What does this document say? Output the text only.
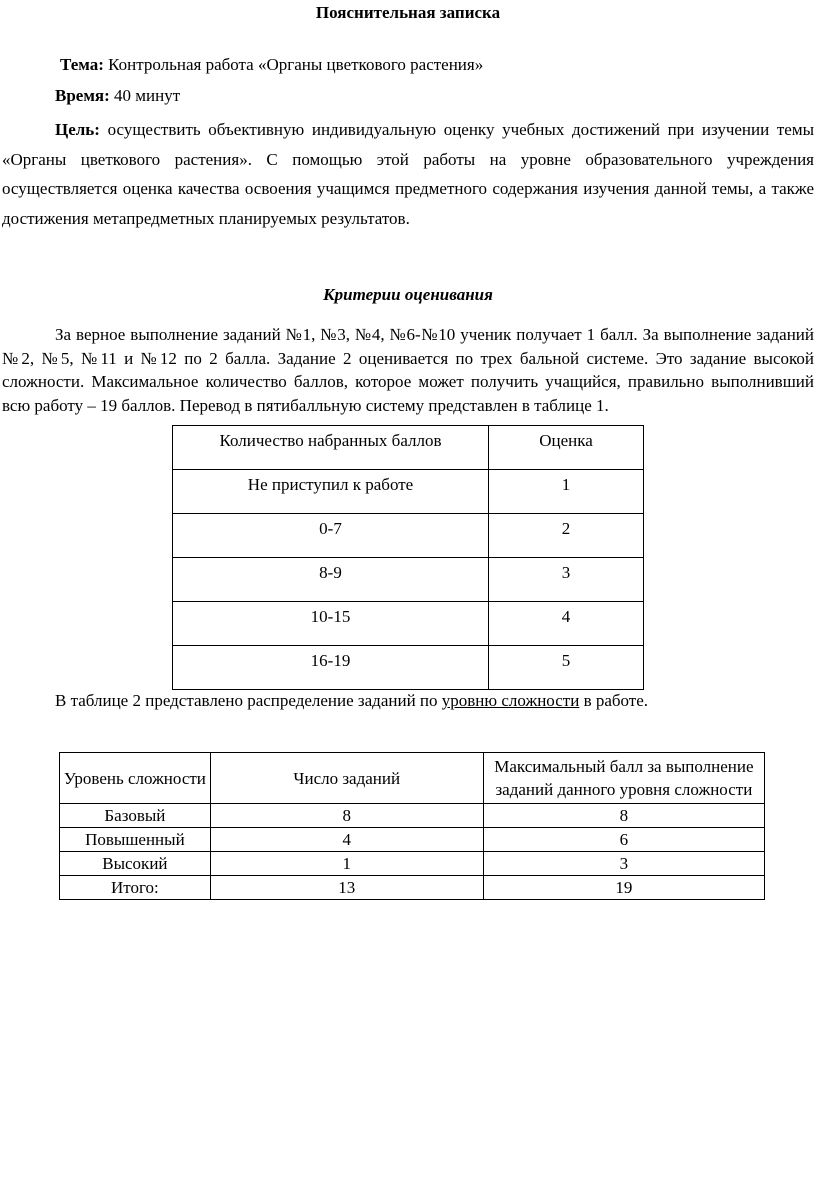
Пояснительная записка
Тема: Контрольная работа «Органы цветкового растения»
Время: 40 минут
Цель: осуществить объективную индивидуальную оценку учебных достижений при изучении темы «Органы цветкового растения». С помощью этой работы на уровне образовательного учреждения осуществляется оценка качества освоения учащимся предметного содержания изучения данной темы, а также достижения метапредметных планируемых результатов.
Критерии оценивания
За верное выполнение заданий №1, №3, №4, №6-№10 ученик получает 1 балл. За выполнение заданий №2, №5, №11 и №12 по 2 балла. Задание 2 оценивается по трех бальной системе. Это задание высокой сложности. Максимальное количество баллов, которое может получить учащийся, правильно выполнивший всю работу – 19 баллов. Перевод в пятибалльную систему представлен в таблице 1.
Количество набранных баллов	Оценка
Не приступил к работе	1
0-7	2
8-9	3
10-15	4
16-19	5
В таблице 2 представлено распределение заданий по уровню сложности в работе.
Уровень сложности	Число заданий	Максимальный балл за выполнение заданий данного уровня сложности
Базовый	8	8
Повышенный	4	6
Высокий	1	3
Итого:	13	19
